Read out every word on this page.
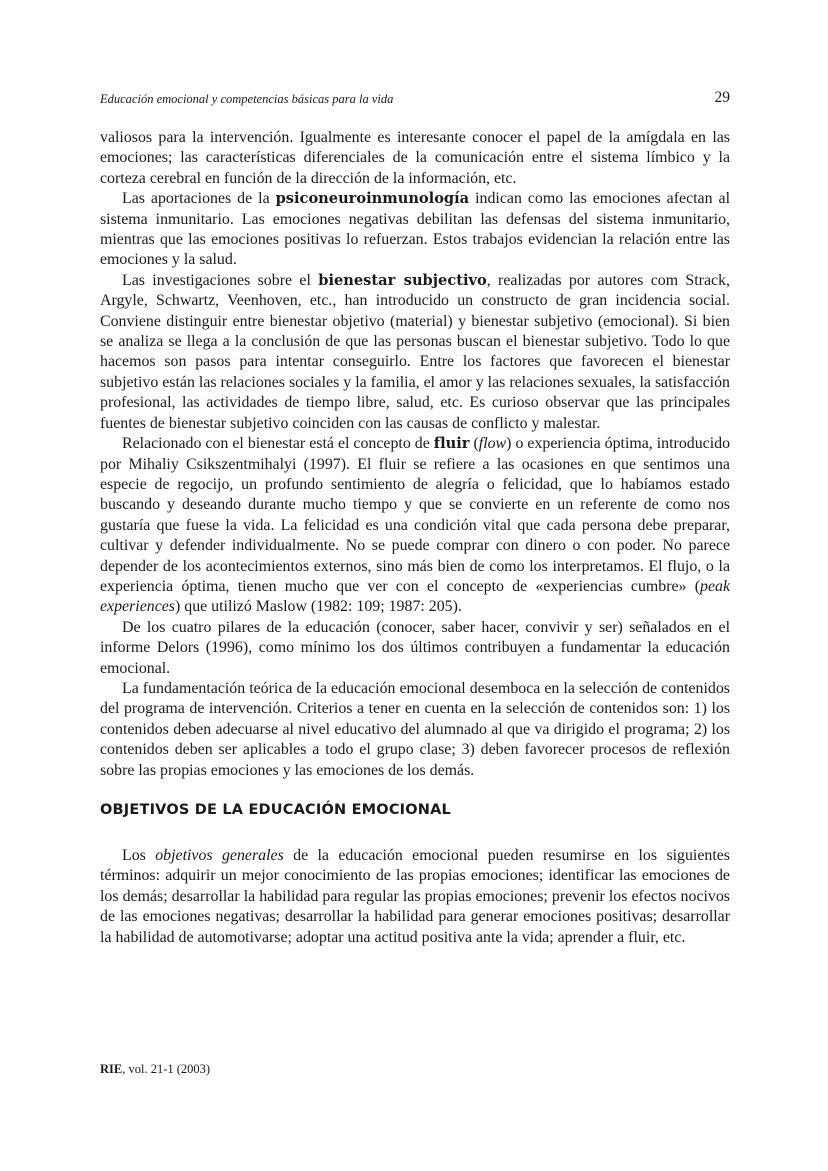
Educación emocional y competencias básicas para la vida	29

valiosos para la intervención. Igualmente es interesante conocer el papel de la amígdala en las emociones; las características diferenciales de la comunicación entre el sistema límbico y la corteza cerebral en función de la dirección de la información, etc.

Las aportaciones de la psiconeuroinmunología indican como las emociones afectan al sistema inmunitario. Las emociones negativas debilitan las defensas del sistema inmunitario, mientras que las emociones positivas lo refuerzan. Estos trabajos evidencian la relación entre las emociones y la salud.

Las investigaciones sobre el bienestar subjectivo, realizadas por autores com Strack, Argyle, Schwartz, Veenhoven, etc., han introducido un constructo de gran incidencia social. Conviene distinguir entre bienestar objetivo (material) y bienestar subjetivo (emocional). Si bien se analiza se llega a la conclusión de que las personas buscan el bienestar subjetivo. Todo lo que hacemos son pasos para intentar conseguirlo. Entre los factores que favorecen el bienestar subjetivo están las relaciones sociales y la familia, el amor y las relaciones sexuales, la satisfacción profesional, las actividades de tiempo libre, salud, etc. Es curioso observar que las principales fuentes de bienestar subjetivo coinciden con las causas de conflicto y malestar.

Relacionado con el bienestar está el concepto de fluir (flow) o experiencia óptima, introducido por Mihaliy Csikszentmihalyi (1997). El fluir se refiere a las ocasiones en que sentimos una especie de regocijo, un profundo sentimiento de alegría o felicidad, que lo habíamos estado buscando y deseando durante mucho tiempo y que se convierte en un referente de como nos gustaría que fuese la vida. La felicidad es una condición vital que cada persona debe preparar, cultivar y defender individualmente. No se puede comprar con dinero o con poder. No parece depender de los acontecimientos externos, sino más bien de como los interpretamos. El flujo, o la experiencia óptima, tienen mucho que ver con el concepto de «experiencias cumbre» (peak experiences) que utilizó Maslow (1982: 109; 1987: 205).

De los cuatro pilares de la educación (conocer, saber hacer, convivir y ser) señalados en el informe Delors (1996), como mínimo los dos últimos contribuyen a fundamentar la educación emocional.

La fundamentación teórica de la educación emocional desemboca en la selección de contenidos del programa de intervención. Criterios a tener en cuenta en la selección de contenidos son: 1) los contenidos deben adecuarse al nivel educativo del alumnado al que va dirigido el programa; 2) los contenidos deben ser aplicables a todo el grupo clase; 3) deben favorecer procesos de reflexión sobre las propias emociones y las emociones de los demás.

OBJETIVOS DE LA EDUCACIÓN EMOCIONAL

Los objetivos generales de la educación emocional pueden resumirse en los siguientes términos: adquirir un mejor conocimiento de las propias emociones; identificar las emociones de los demás; desarrollar la habilidad para regular las propias emociones; prevenir los efectos nocivos de las emociones negativas; desarrollar la habilidad para generar emociones positivas; desarrollar la habilidad de automotivarse; adoptar una actitud positiva ante la vida; aprender a fluir, etc.

RIE, vol. 21-1 (2003)
